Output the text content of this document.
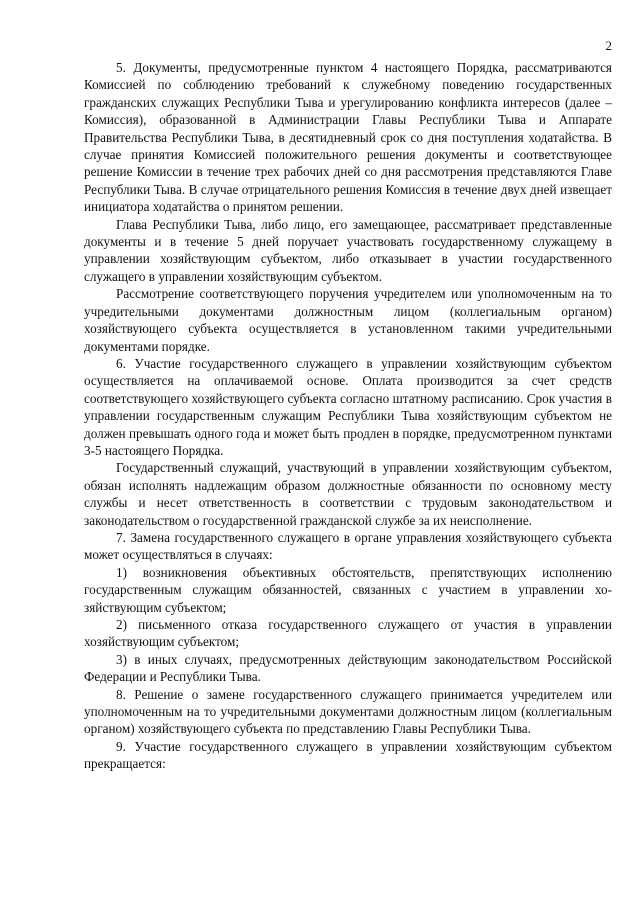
2

5. Документы, предусмотренные пунктом 4 настоящего Порядка, рассматриваются Комиссией по соблюдению требований к служебному поведению государственных гражданских служащих Республики Тыва и урегулированию конфликта интересов (далее – Комиссия), образованной в Администрации Главы Республики Тыва и Аппарате Правительства Республики Тыва, в десятидневный срок со дня поступления ходатайства. В случае принятия Комиссией положительного решения документы и соответствующее решение Комиссии в течение трех рабочих дней со дня рассмотрения представляются Главе Республики Тыва. В случае отрицательного решения Комиссия в течение двух дней извещает инициатора ходатайства о принятом решении.

Глава Республики Тыва, либо лицо, его замещающее, рассматривает представленные документы и в течение 5 дней поручает участвовать государственному служащему в управлении хозяйствующим субъектом, либо отказывает в участии государственного служащего в управлении хозяйствующим субъектом.

Рассмотрение соответствующего поручения учредителем или уполномоченным на то учредительными документами должностным лицом (коллегиальным органом) хозяйствующего субъекта осуществляется в установленном такими учредительными документами порядке.

6. Участие государственного служащего в управлении хозяйствующим субъектом осуществляется на оплачиваемой основе. Оплата производится за счет средств соответствующего хозяйствующего субъекта согласно штатному расписанию. Срок участия в управлении государственным служащим Республики Тыва хозяйствующим субъектом не должен превышать одного года и может быть продлен в порядке, предусмотренном пунктами 3-5 настоящего Порядка.

Государственный служащий, участвующий в управлении хозяйствующим субъектом, обязан исполнять надлежащим образом должностные обязанности по основному месту службы и несет ответственность в соответствии с трудовым законодательством и законодательством о государственной гражданской службе за их неисполнение.

7. Замена государственного служащего в органе управления хозяйствующего субъекта может осуществляться в случаях:

1) возникновения объективных обстоятельств, препятствующих исполнению государственным служащим обязанностей, связанных с участием в управлении хозяйствующим субъектом;

2) письменного отказа государственного служащего от участия в управлении хозяйствующим субъектом;

3) в иных случаях, предусмотренных действующим законодательством Российской Федерации и Республики Тыва.

8. Решение о замене государственного служащего принимается учредителем или уполномоченным на то учредительными документами должностным лицом (коллегиальным органом) хозяйствующего субъекта по представлению Главы Республики Тыва.

9. Участие государственного служащего в управлении хозяйствующим субъектом прекращается:
